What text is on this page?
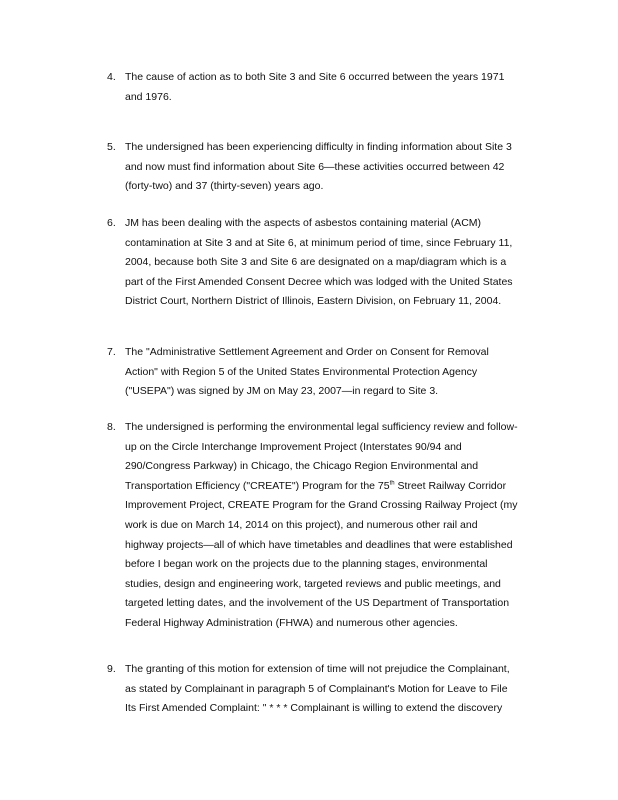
4. The cause of action as to both Site 3 and Site 6 occurred between the years 1971
and 1976.
5. The undersigned has been experiencing difficulty in finding information about Site 3
and now must find information about Site 6—these activities occurred between 42
(forty-two) and 37 (thirty-seven) years ago.
6. JM has been dealing with the aspects of asbestos containing material (ACM)
contamination at Site 3 and at Site 6, at minimum period of time, since February 11,
2004, because both Site 3 and Site 6 are designated on a map/diagram which is a
part of the First Amended Consent Decree which was lodged with the United States
District Court, Northern District of Illinois, Eastern Division, on February 11, 2004.
7. The "Administrative Settlement Agreement and Order on Consent for Removal
Action" with Region 5 of the United States Environmental Protection Agency
("USEPA") was signed by JM on May 23, 2007—in regard to Site 3.
8. The undersigned is performing the environmental legal sufficiency review and follow-
up on the Circle Interchange Improvement Project (Interstates 90/94 and
290/Congress Parkway) in Chicago, the Chicago Region Environmental and
Transportation Efficiency ("CREATE") Program for the 75th Street Railway Corridor
Improvement Project, CREATE Program for the Grand Crossing Railway Project (my
work is due on March 14, 2014 on this project), and numerous other rail and
highway projects—all of which have timetables and deadlines that were established
before I began work on the projects due to the planning stages, environmental
studies, design and engineering work, targeted reviews and public meetings, and
targeted letting dates, and the involvement of the US Department of Transportation
Federal Highway Administration (FHWA) and numerous other agencies.
9. The granting of this motion for extension of time will not prejudice the Complainant,
as stated by Complainant in paragraph 5 of Complainant's Motion for Leave to File
Its First Amended Complaint: " * * * Complainant is willing to extend the discovery
